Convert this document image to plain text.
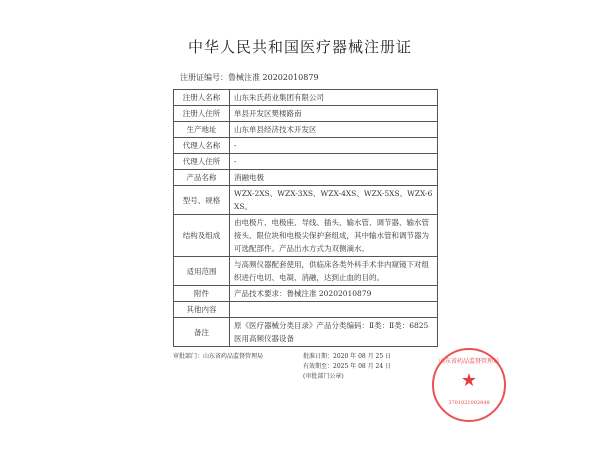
中华人民共和国医疗器械注册证
注册证编号：鲁械注准 20202010879
注册人名称	山东朱氏药业集团有限公司
注册人住所	单县开发区樊楼路南
生产地址	山东单县经济技术开发区
代理人名称	-
代理人住所	-
产品名称	消融电极
型号、规格	WZX-2XS、WZX-3XS、WZX-4XS、WZX-5XS、WZX-6XS。
结构及组成	由电极片、电极座、导线、插头、输水管、调节器、输水管接头、限位块和电极尖保护套组成，其中输水管和调节器为可选配部件。产品出水方式为双侧滴水。
适用范围	与高频仪器配套使用，供临床各类外科手术非内窥镜下对组织进行电切、电凝、消融，达到止血的目的。
附件	产品技术要求：鲁械注准 20202010879
其他内容	
备注	原《医疗器械分类目录》产品分类编码：Ⅱ类：Ⅱ类：6825 医用高频仪器设备
审批部门：山东省药品监督管理局	批准日期：2020 年 08 月 25 日
有效期至：2025 年 08 月 24 日
(审批部门公章)
山东省药品监督管理局
★
3701021002848
